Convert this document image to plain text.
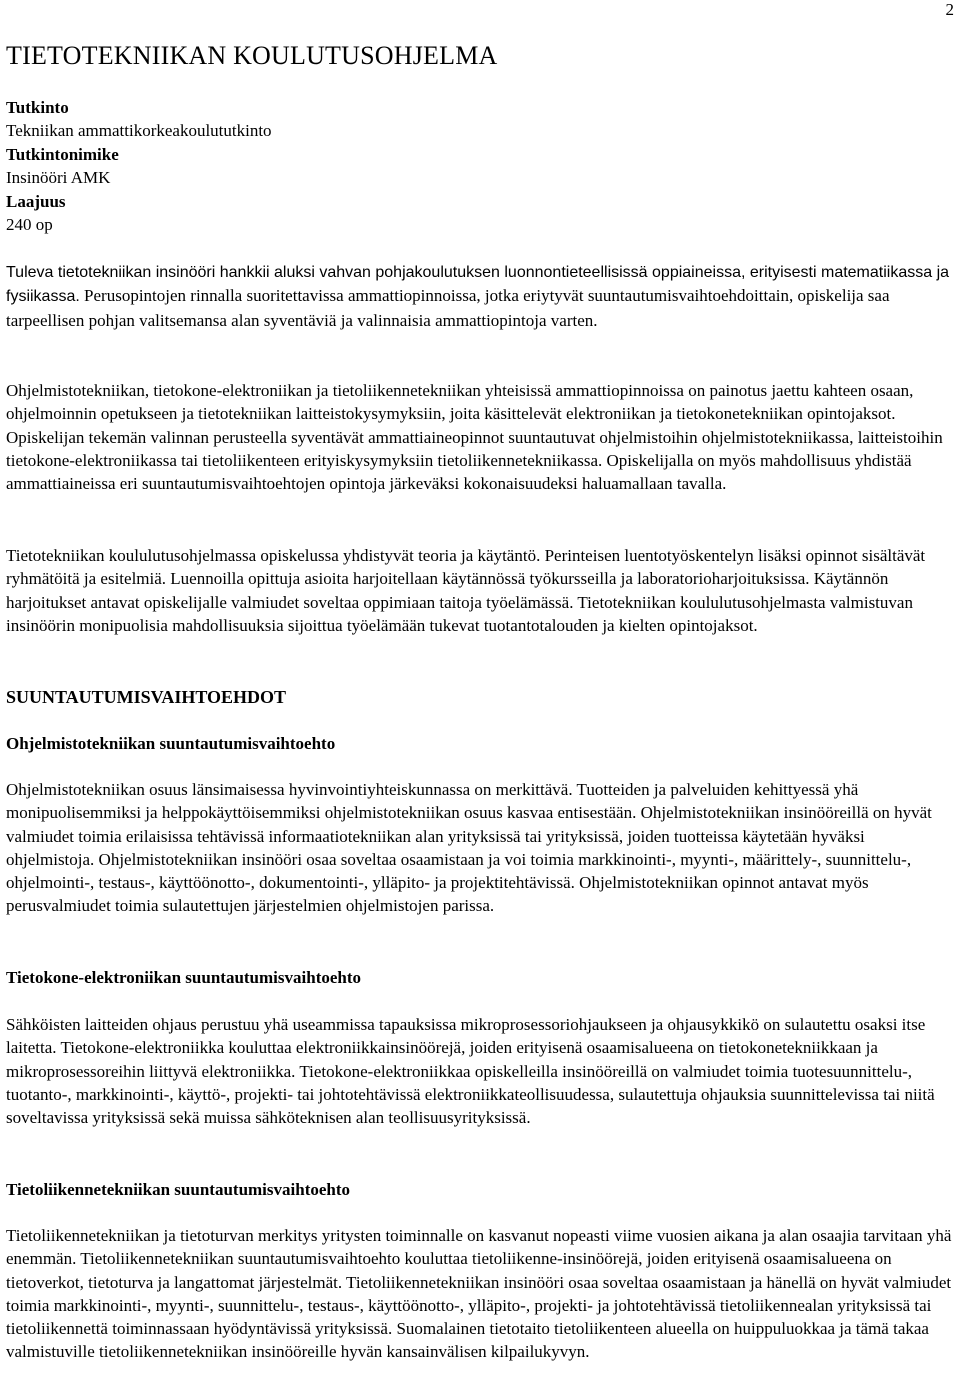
2
TIETOTEKNIIKAN KOULUTUSOHJELMA
Tutkinto
Tekniikan ammattikorkeakoulututkinto
Tutkintonimike
Insinööri AMK
Laajuus
240 op

Tuleva tietotekniikan insinööri hankkii aluksi vahvan pohjakoulutuksen luonnontieteellisissä oppiaineissa, erityisesti matematiikassa ja fysiikassa. Perusopintojen rinnalla suoritettavissa ammattiopinnoissa, jotka eriytyvät suuntautumisvaihtoehdoittain, opiskelija saa tarpeellisen pohjan valitsemansa alan syventäviä ja valinnaisia ammattiopintoja varten.

Ohjelmistotekniikan, tietokone-elektroniikan ja tietoliikennetekniikan yhteisissä ammattiopinnoissa on painotus jaettu kahteen osaan, ohjelmoinnin opetukseen ja tietotekniikan laitteistokysymyksiin, joita käsittelevät elektroniikan ja tietokonetekniikan opintojaksot. Opiskelijan tekemän valinnan perusteella syventävät ammattiaineopinnot suuntautuvat ohjelmistoihin ohjelmistotekniikassa, laitteistoihin tietokone-elektroniikassa tai tietoliikenteen erityiskysymyksiin tietoliikennetekniikassa. Opiskelijalla on myös mahdollisuus yhdistää ammattiaineissa eri suuntautumisvaihtoehtojen opintoja järkeväksi kokonaisuudeksi haluamallaan tavalla.

Tietotekniikan koululutusohjelmassa opiskelussa yhdistyvät teoria ja käytäntö. Perinteisen luentotyöskentelyn lisäksi opinnot sisältävät ryhmätöitä ja esitelmiä. Luennoilla opittuja asioita harjoitellaan käytännössä työkursseilla ja laboratorioharjoituksissa. Käytännön harjoitukset antavat opiskelijalle valmiudet soveltaa oppimiaan taitoja työelämässä. Tietotekniikan koululutusohjelmasta valmistuvan insinöörin monipuolisia mahdollisuuksia sijoittua työelämään tukevat tuotantotalouden ja kielten opintojaksot.

SUUNTAUTUMISVAIHTOEHDOT
Ohjelmistotekniikan suuntautumisvaihtoehto

Ohjelmistotekniikan osuus länsimaisessa hyvinvointiyhteiskunnassa on merkittävä. Tuotteiden ja palveluiden kehittyessä yhä monipuolisemmiksi ja helppokäyttöisemmiksi ohjelmistotekniikan osuus kasvaa entisestään. Ohjelmistotekniikan insinööreillä on hyvät valmiudet toimia erilaisissa tehtävissä informaatiotekniikan alan yrityksissä tai yrityksissä, joiden tuotteissa käytetään hyväksi ohjelmistoja. Ohjelmistotekniikan insinööri osaa soveltaa osaamistaan ja voi toimia markkinointi-, myynti-, määrittely-, suunnittelu-, ohjelmointi-, testaus-, käyttöönotto-, dokumentointi-, ylläpito- ja projektitehtävissä. Ohjelmistotekniikan opinnot antavat myös perusvalmiudet toimia sulautettujen järjestelmien ohjelmistojen parissa.

Tietokone-elektroniikan suuntautumisvaihtoehto

Sähköisten laitteiden ohjaus perustuu yhä useammissa tapauksissa mikroprosessoriohjaukseen ja ohjausykkikö on sulautettu osaksi itse laitetta. Tietokone-elektroniikka kouluttaa elektroniikkainsinöörejä, joiden erityisenä osaamisalueena on tietokonetekniikkaan ja mikroprosessoreihin liittyvä elektroniikka. Tietokone-elektroniikkaa opiskelleilla insinööreillä on valmiudet toimia tuotesuunnittelu-, tuotanto-, markkinointi-, käyttö-, projekti- tai johtotehtävissä elektroniikkateollisuudessa, sulautettuja ohjauksia suunnittelevissa tai niitä soveltavissa yrityksissä sekä muissa sähköteknisen alan teollisuusyrityksissä.

Tietoliikennetekniikan suuntautumisvaihtoehto

Tietoliikennetekniikan ja tietoturvan merkitys yritysten toiminnalle on kasvanut nopeasti viime vuosien aikana ja alan osaajia tarvitaan yhä enemmän. Tietoliikennetekniikan suuntautumisvaihtoehto kouluttaa tietoliikenne-insinöörejä, joiden erityisenä osaamisalueena on tietoverkot, tietoturva ja langattomat järjestelmät. Tietoliikennetekniikan insinööri osaa soveltaa osaamistaan ja hänellä on hyvät valmiudet toimia markkinointi-, myynti-, suunnittelu-, testaus-, käyttöönotto-, ylläpito-, projekti- ja johtotehtävissä tietoliikennealan yrityksissä tai tietoliikennettä toiminnassaan hyödyntävissä yrityksissä. Suomalainen tietotaito tietoliikenteen alueella on huippuluokkaa ja tämä takaa valmistuville tietoliikennetekniikan insinööreille hyvän kansainvälisen kilpailukyvyn.
